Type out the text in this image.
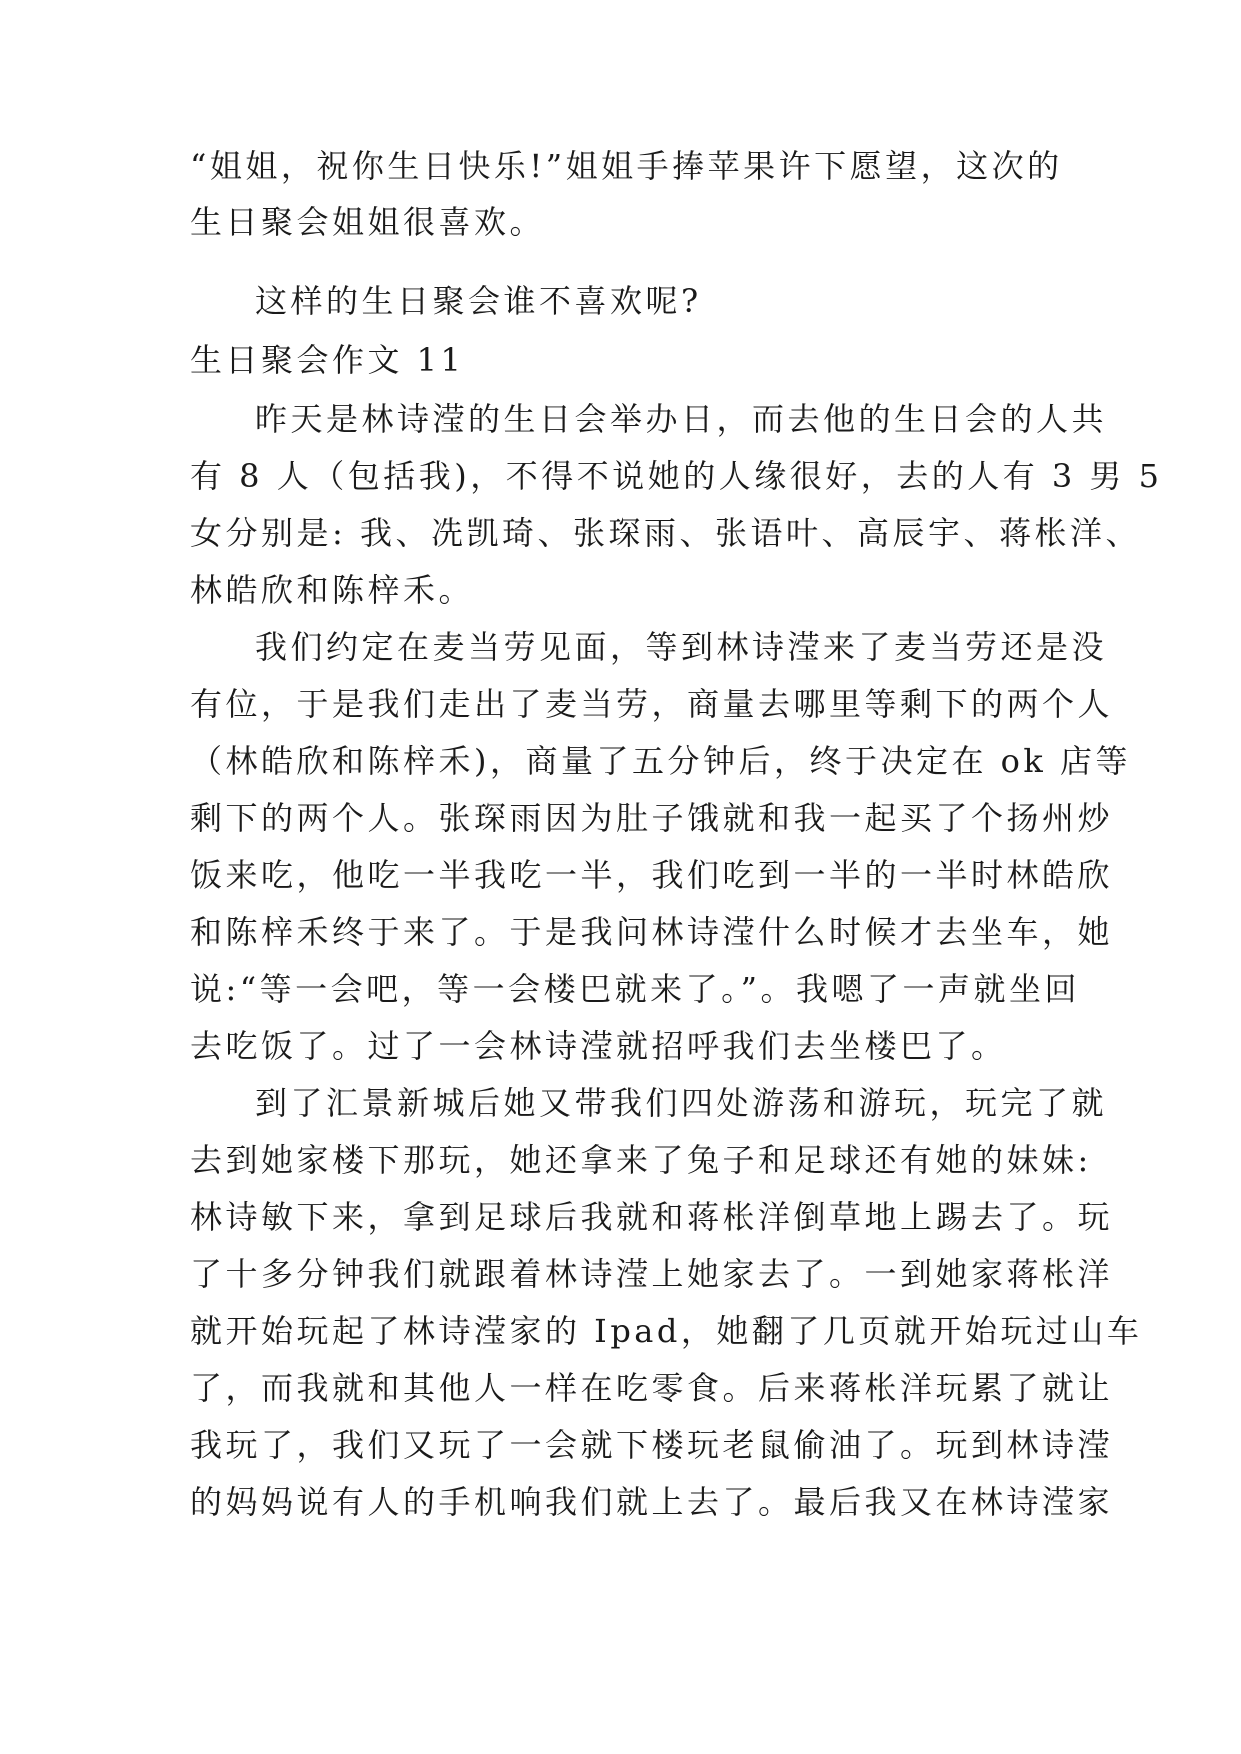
“姐姐，祝你生日快乐!”姐姐手捧苹果许下愿望，这次的
生日聚会姐姐很喜欢。
这样的生日聚会谁不喜欢呢?
生日聚会作文 11
昨天是林诗滢的生日会举办日，而去他的生日会的人共
有 8 人（包括我)，不得不说她的人缘很好，去的人有 3 男 5
女分别是: 我、冼凯琦、张琛雨、张语叶、高辰宇、蒋枨洋、
林皓欣和陈梓禾。
我们约定在麦当劳见面，等到林诗滢来了麦当劳还是没
有位，于是我们走出了麦当劳，商量去哪里等剩下的两个人
（林皓欣和陈梓禾)，商量了五分钟后，终于决定在 ok 店等
剩下的两个人。张琛雨因为肚子饿就和我一起买了个扬州炒
饭来吃，他吃一半我吃一半，我们吃到一半的一半时林皓欣
和陈梓禾终于来了。于是我问林诗滢什么时候才去坐车，她
说:“等一会吧，等一会楼巴就来了。”。我嗯了一声就坐回
去吃饭了。过了一会林诗滢就招呼我们去坐楼巴了。
到了汇景新城后她又带我们四处游荡和游玩，玩完了就
去到她家楼下那玩，她还拿来了兔子和足球还有她的妹妹:
林诗敏下来，拿到足球后我就和蒋枨洋倒草地上踢去了。玩
了十多分钟我们就跟着林诗滢上她家去了。一到她家蒋枨洋
就开始玩起了林诗滢家的 Ipad，她翻了几页就开始玩过山车
了，而我就和其他人一样在吃零食。后来蒋枨洋玩累了就让
我玩了，我们又玩了一会就下楼玩老鼠偷油了。玩到林诗滢
的妈妈说有人的手机响我们就上去了。最后我又在林诗滢家
